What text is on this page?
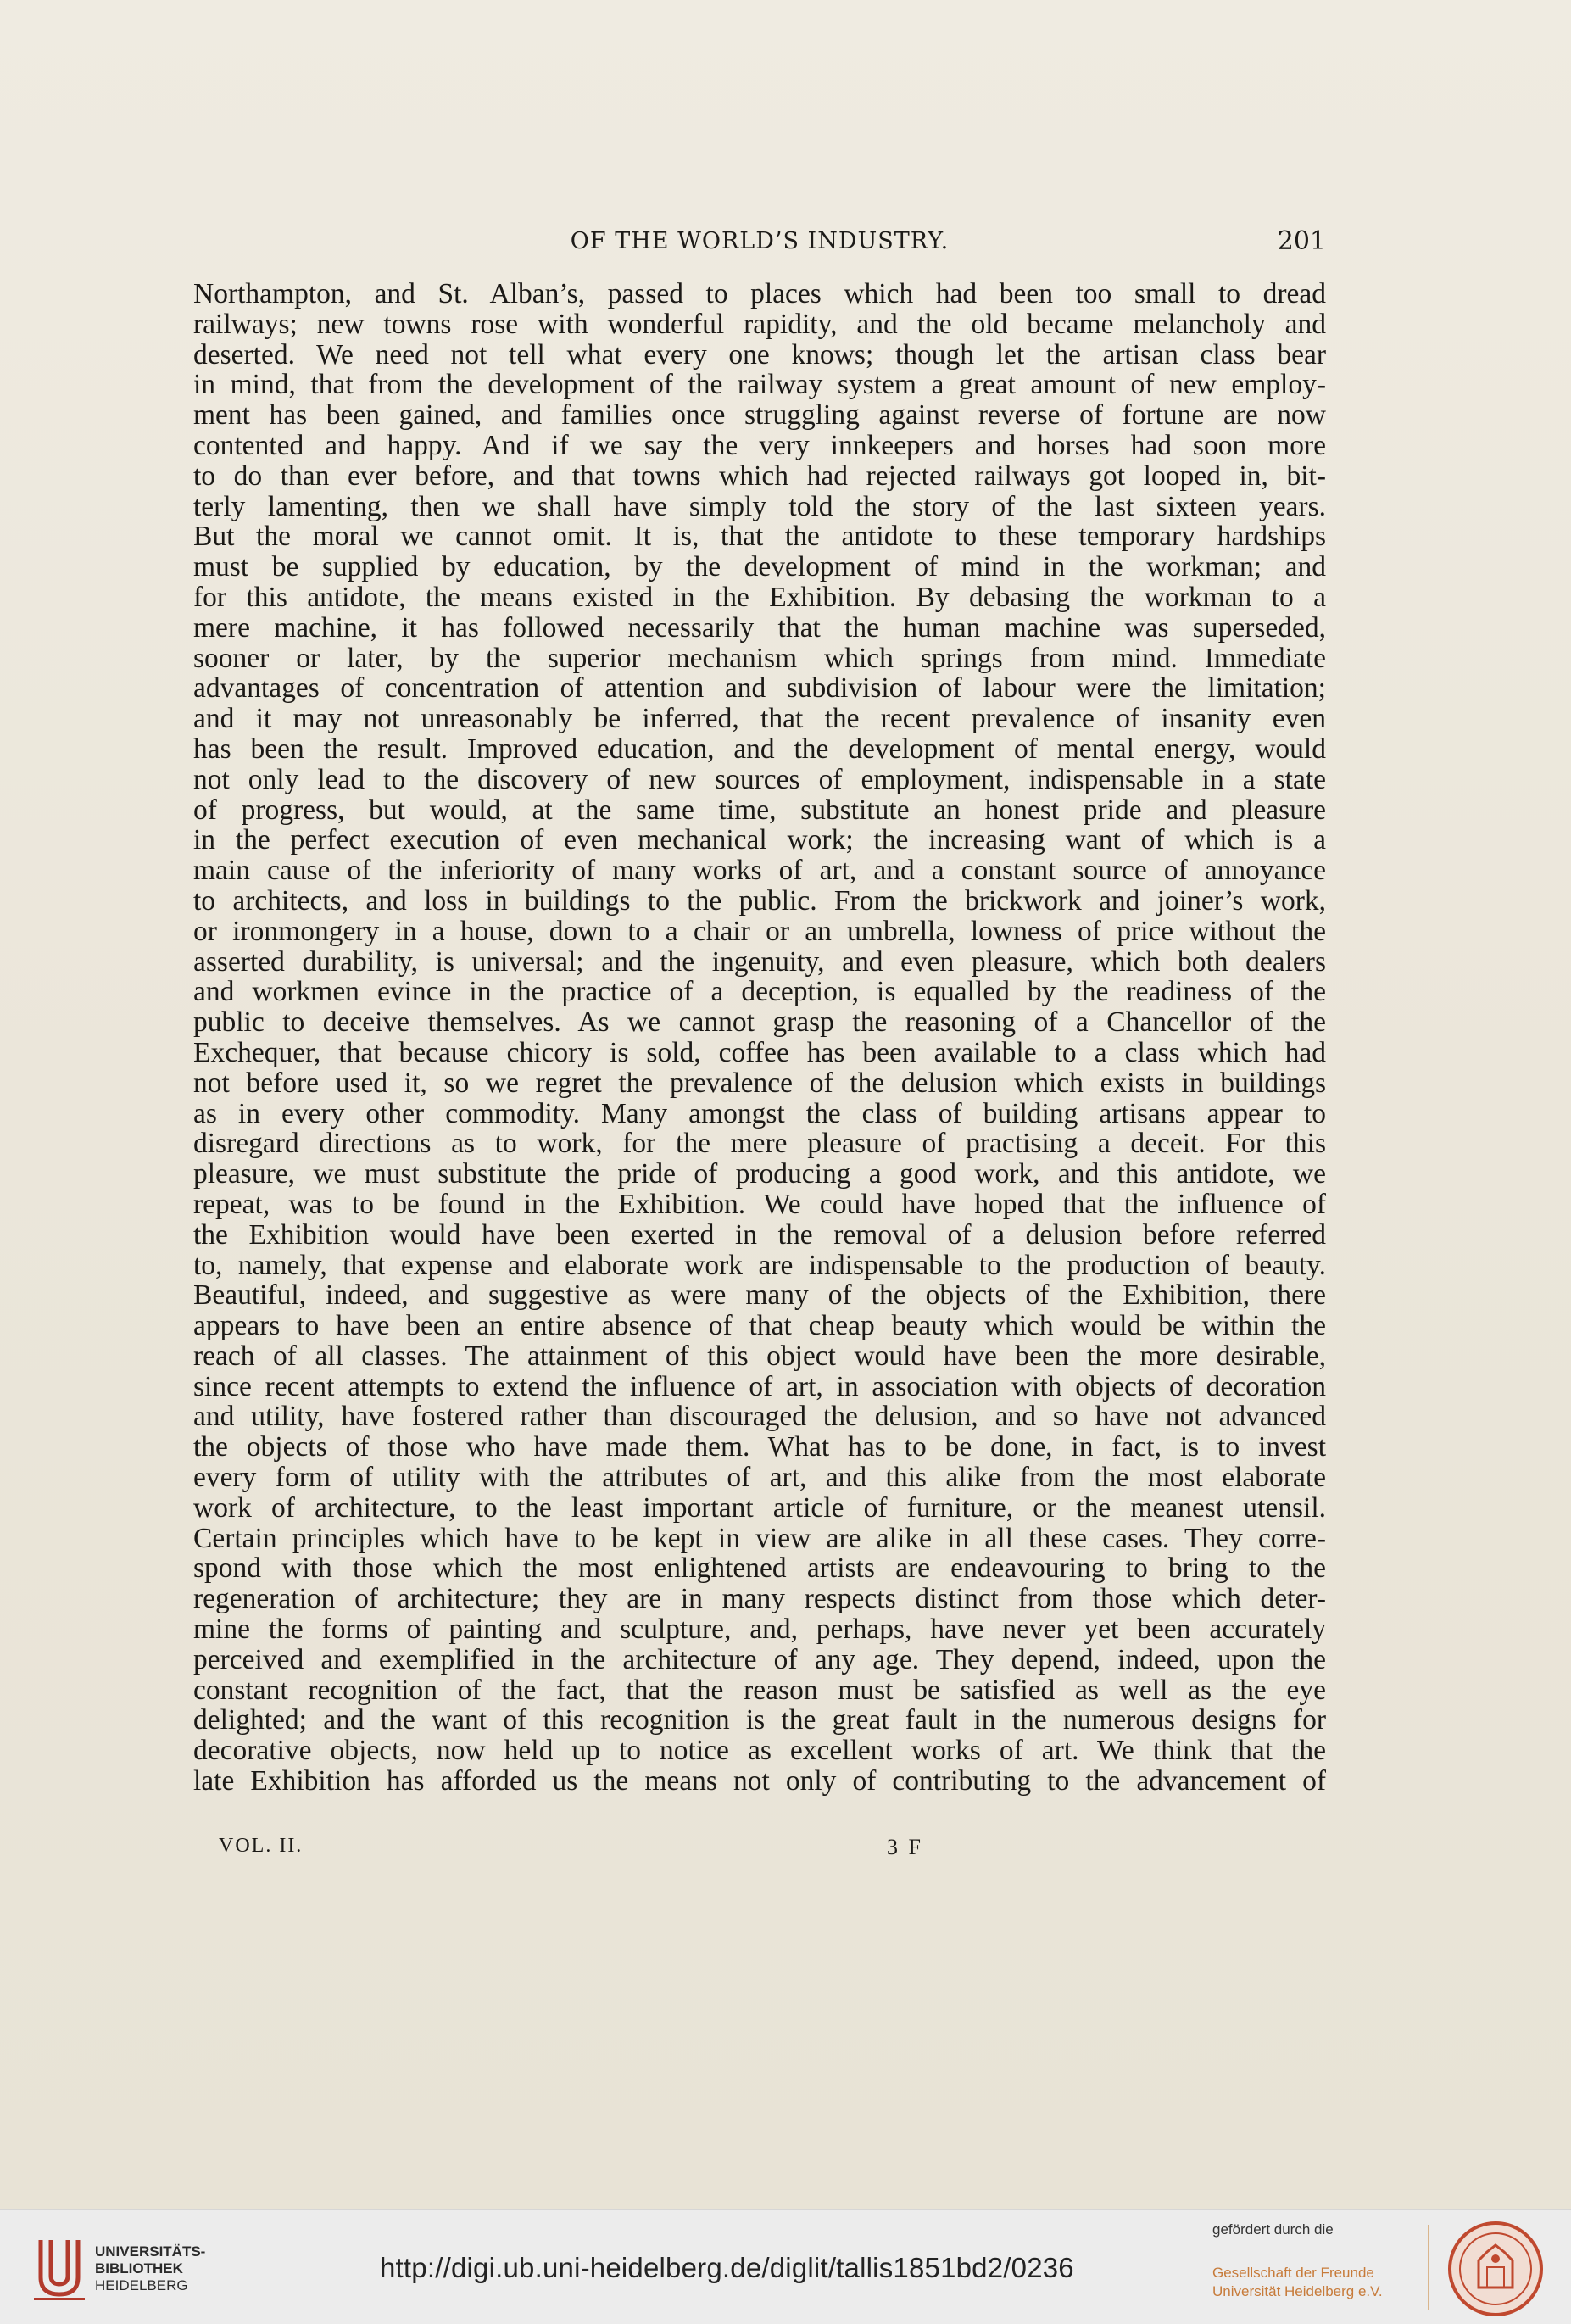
OF THE WORLD’S INDUSTRY.	201
Northampton, and St. Alban’s, passed to places which had been too small to dread
railways; new towns rose with wonderful rapidity, and the old became melancholy and
deserted. We need not tell what every one knows; though let the artisan class bear
in mind, that from the development of the railway system a great amount of new employ-
ment has been gained, and families once struggling against reverse of fortune are now
contented and happy. And if we say the very innkeepers and horses had soon more
to do than ever before, and that towns which had rejected railways got looped in, bit-
terly lamenting, then we shall have simply told the story of the last sixteen years.
But the moral we cannot omit. It is, that the antidote to these temporary hardships
must be supplied by education, by the development of mind in the workman; and
for this antidote, the means existed in the Exhibition. By debasing the workman to a
mere machine, it has followed necessarily that the human machine was superseded,
sooner or later, by the superior mechanism which springs from mind. Immediate
advantages of concentration of attention and subdivision of labour were the limitation;
and it may not unreasonably be inferred, that the recent prevalence of insanity even
has been the result. Improved education, and the development of mental energy, would
not only lead to the discovery of new sources of employment, indispensable in a state
of progress, but would, at the same time, substitute an honest pride and pleasure
in the perfect execution of even mechanical work; the increasing want of which is a
main cause of the inferiority of many works of art, and a constant source of annoyance
to architects, and loss in buildings to the public. From the brickwork and joiner’s work,
or ironmongery in a house, down to a chair or an umbrella, lowness of price without the
asserted durability, is universal; and the ingenuity, and even pleasure, which both dealers
and workmen evince in the practice of a deception, is equalled by the readiness of the
public to deceive themselves. As we cannot grasp the reasoning of a Chancellor of the
Exchequer, that because chicory is sold, coffee has been available to a class which had
not before used it, so we regret the prevalence of the delusion which exists in buildings
as in every other commodity. Many amongst the class of building artisans appear to
disregard directions as to work, for the mere pleasure of practising a deceit. For this
pleasure, we must substitute the pride of producing a good work, and this antidote, we
repeat, was to be found in the Exhibition. We could have hoped that the influence of
the Exhibition would have been exerted in the removal of a delusion before referred
to, namely, that expense and elaborate work are indispensable to the production of beauty.
Beautiful, indeed, and suggestive as were many of the objects of the Exhibition, there
appears to have been an entire absence of that cheap beauty which would be within the
reach of all classes. The attainment of this object would have been the more desirable,
since recent attempts to extend the influence of art, in association with objects of decoration
and utility, have fostered rather than discouraged the delusion, and so have not advanced
the objects of those who have made them. What has to be done, in fact, is to invest
every form of utility with the attributes of art, and this alike from the most elaborate
work of architecture, to the least important article of furniture, or the meanest utensil.
Certain principles which have to be kept in view are alike in all these cases. They corre-
spond with those which the most enlightened artists are endeavouring to bring to the
regeneration of architecture; they are in many respects distinct from those which deter-
mine the forms of painting and sculpture, and, perhaps, have never yet been accurately
perceived and exemplified in the architecture of any age. They depend, indeed, upon the
constant recognition of the fact, that the reason must be satisfied as well as the eye
delighted; and the want of this recognition is the great fault in the numerous designs for
decorative objects, now held up to notice as excellent works of art. We think that the
late Exhibition has afforded us the means not only of contributing to the advancement of
VOL. II.	3 F
UNIVERSITÄTS-
BIBLIOTHEK
HEIDELBERG
http://digi.ub.uni-heidelberg.de/diglit/tallis1851bd2/0236
gefördert durch die
Gesellschaft der Freunde
Universität Heidelberg e.V.
